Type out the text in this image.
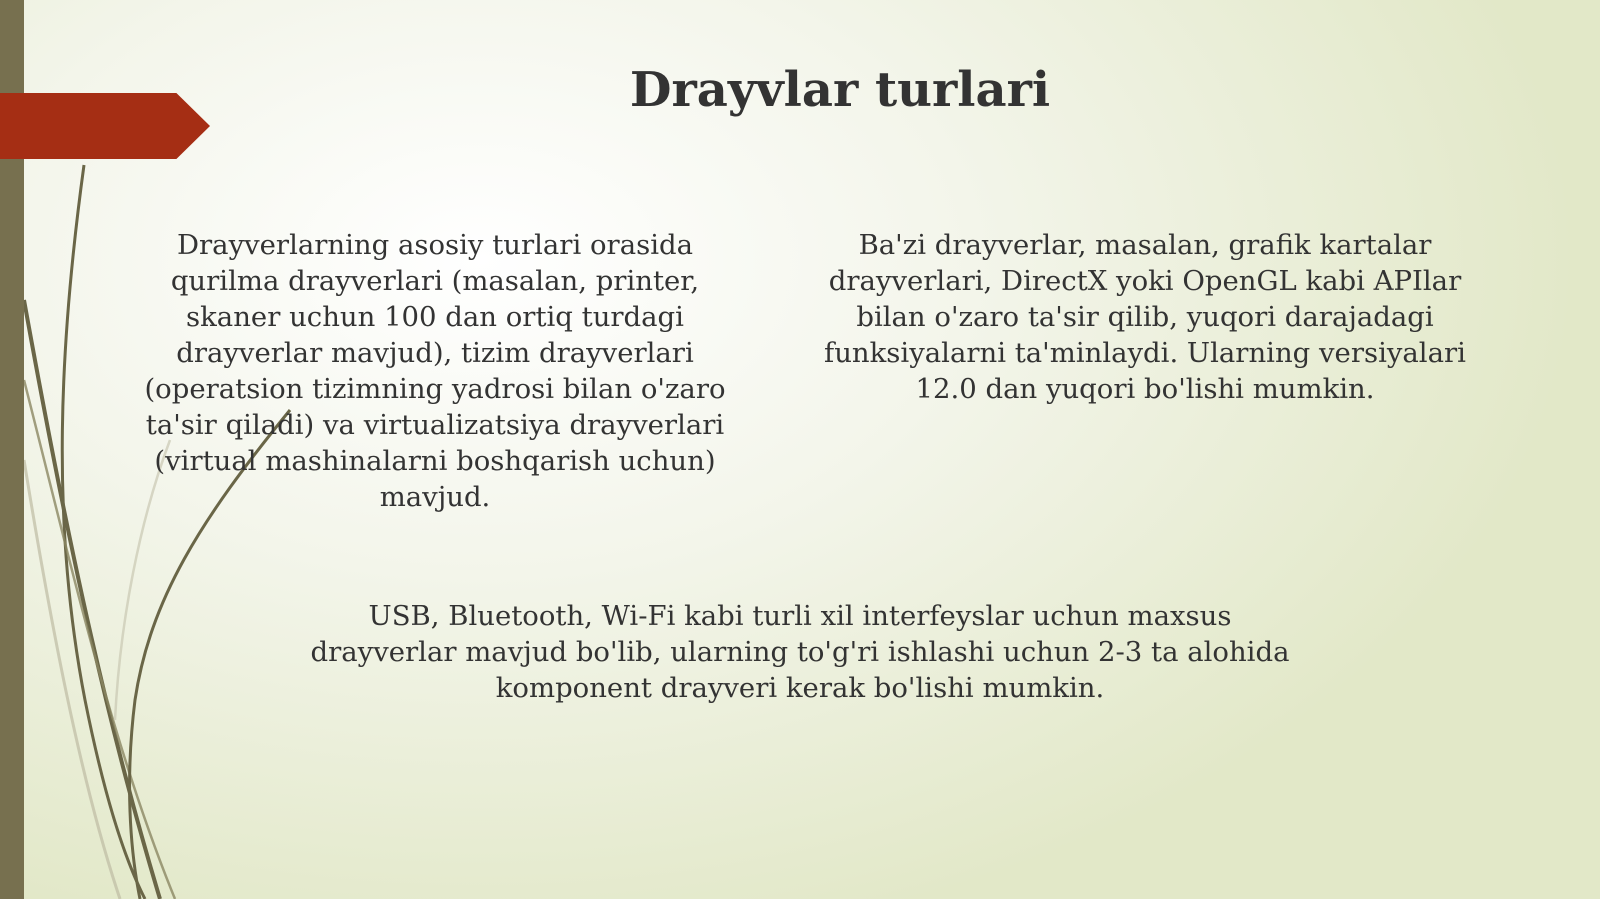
Drayvlar turlari

Drayverlarning asosiy turlari orasida
qurilma drayverlari (masalan, printer,
skaner uchun 100 dan ortiq turdagi
drayverlar mavjud), tizim drayverlari
(operatsion tizimning yadrosi bilan o'zaro
ta'sir qiladi) va virtualizatsiya drayverlari
(virtual mashinalarni boshqarish uchun)
mavjud.

Ba'zi drayverlar, masalan, grafik kartalar
drayverlari, DirectX yoki OpenGL kabi APIlar
bilan o'zaro ta'sir qilib, yuqori darajadagi
funksiyalarni ta'minlaydi. Ularning versiyalari
12.0 dan yuqori bo'lishi mumkin.

USB, Bluetooth, Wi-Fi kabi turli xil interfeyslar uchun maxsus
drayverlar mavjud bo'lib, ularning to'g'ri ishlashi uchun 2-3 ta alohida
komponent drayveri kerak bo'lishi mumkin.
